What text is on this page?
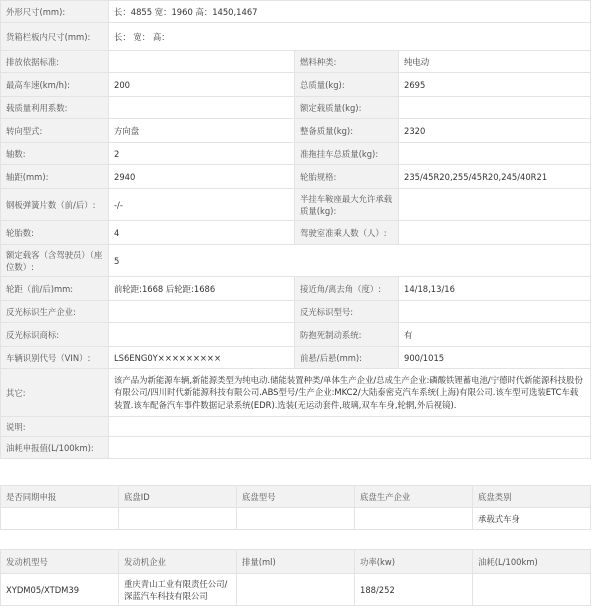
外形尺寸(mm):	长：4855 宽：1960 高：1450,1467		
货箱栏板内尺寸(mm):	长： 宽： 高：		
排放依据标准:		燃料种类:	纯电动
最高车速(km/h):	200	总质量(kg):	2695
载质量利用系数:		额定载质量(kg):	
转向型式:	方向盘	整备质量(kg):	2320
轴数:	2	准拖挂车总质量(kg):	
轴距(mm):	2940	轮胎规格:	235/45R20,255/45R20,245/40R21
钢板弹簧片数（前/后）:	-/-	半挂车鞍座最大允许承载质量(kg):	
轮胎数:	4	驾驶室准乘人数（人）:	
额定载客（含驾驶员）（座位数）:	5		
轮距（前/后)mm:	前轮距:1668 后轮距:1686	接近角/离去角（度）:	14/18,13/16
反光标识生产企业:		反光标识型号:	
反光标识商标:		防抱死制动系统:	有
车辆识别代号（VIN）:	LS6ENG0Y×××××××××	前悬/后悬(mm):	900/1015
其它:	该产品为新能源车辆,新能源类型为纯电动.储能装置种类/单体生产企业/总成生产企业:磷酸铁锂蓄电池/宁德时代新能源科技股份有限公司/四川时代新能源科技有限公司.ABS型号/生产企业:MKC2/大陆泰密克汽车系统(上海)有限公司.该车型可选装ETC车载装置.该车配备汽车事件数据记录系统(EDR).选装(无运动套件,玻璃,双车车身,轮辋,外后视镜).		
说明:			
油耗申报值(L/100km):			
是否同期申报	底盘ID	底盘型号	底盘生产企业	底盘类别
				承载式车身
发动机型号	发动机企业	排量(ml)	功率(kw)	油耗(L/100km)
XYDM05/XTDM39	重庆青山工业有限责任公司/深蓝汽车科技有限公司		188/252	
